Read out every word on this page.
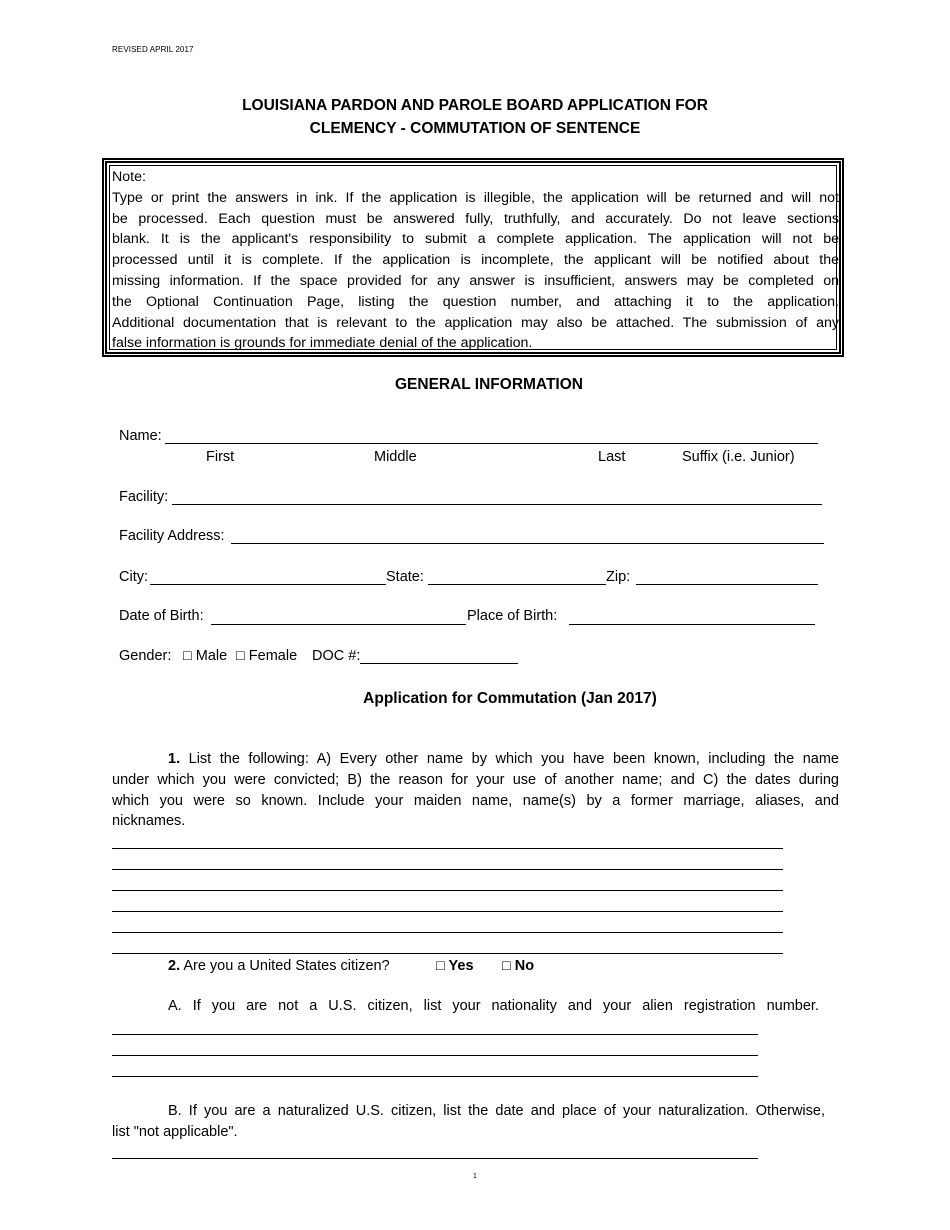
REVISED APRIL 2017
LOUISIANA PARDON AND PAROLE BOARD APPLICATION FOR
CLEMENCY - COMMUTATION OF SENTENCE
Note:
Type or print the answers in ink. If the application is illegible, the application will be returned and will not
be processed. Each question must be answered fully, truthfully, and accurately. Do not leave sections
blank. It is the applicant's responsibility to submit a complete application. The application will not be
processed until it is complete. If the application is incomplete, the applicant will be notified about the
missing information. If the space provided for any answer is insufficient, answers may be completed on
the Optional Continuation Page, listing the question number, and attaching it to the application.
Additional documentation that is relevant to the application may also be attached. The submission of any
false information is grounds for immediate denial of the application.
GENERAL INFORMATION
Name:
First	Middle	Last	Suffix (i.e. Junior)
Facility:
Facility Address:
City:	State:	Zip:
Date of Birth:	Place of Birth:
Gender: □ Male □ Female DOC #:
Application for Commutation (Jan 2017)
1. List the following: A) Every other name by which you have been known, including the name
under which you were convicted; B) the reason for your use of another name; and C) the dates during
which you were so known. Include your maiden name, name(s) by a former marriage, aliases, and
nicknames.
2. Are you a United States citizen?	□ Yes □ No
A. If you are not a U.S. citizen, list your nationality and your alien registration number.
B. If you are a naturalized U.S. citizen, list the date and place of your naturalization. Otherwise,
list "not applicable".
1
